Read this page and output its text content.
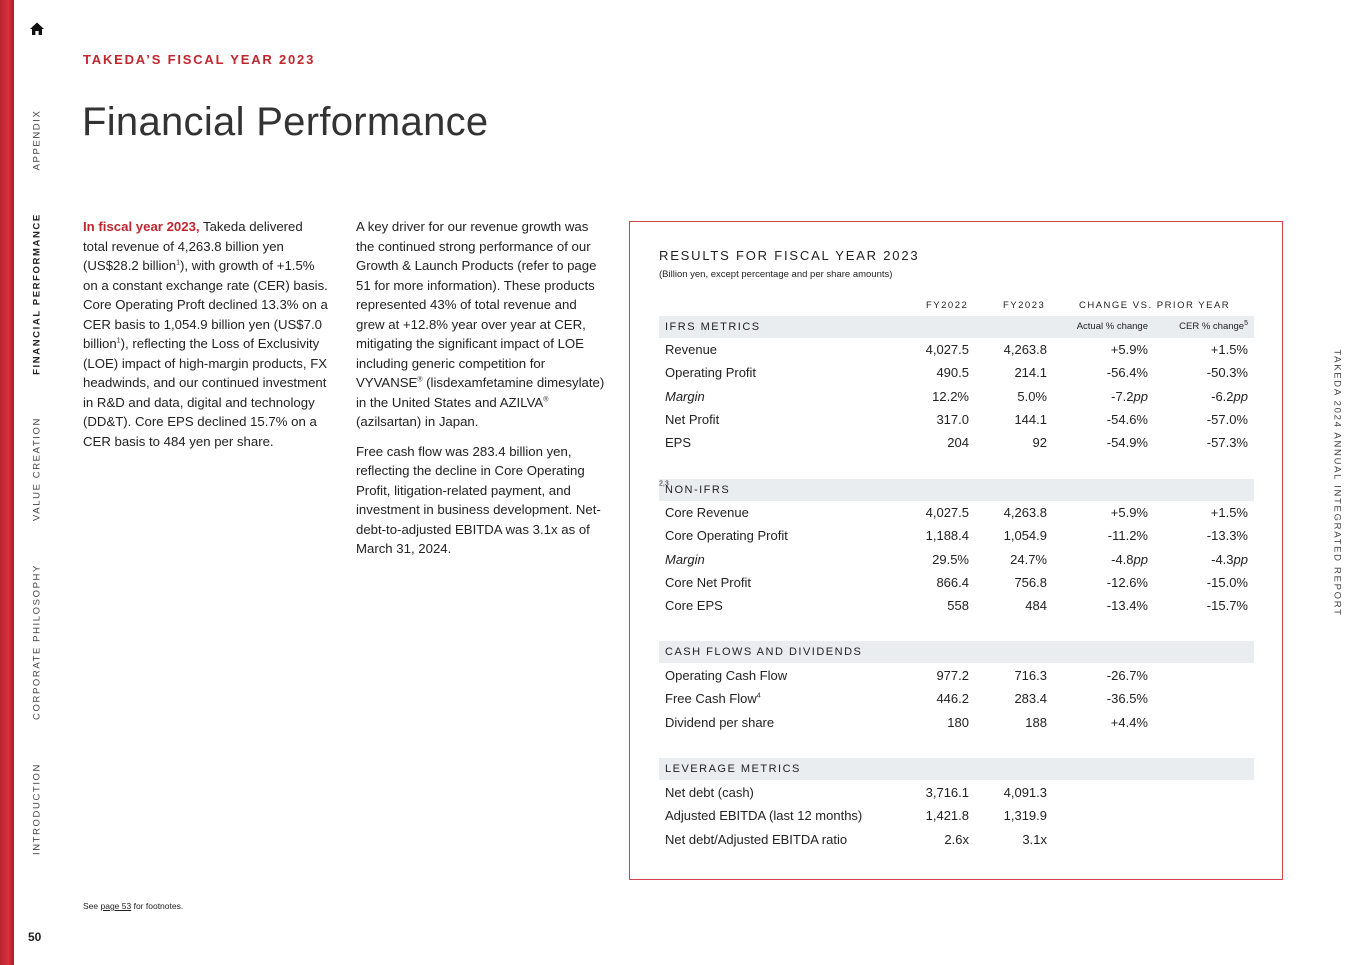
APPENDIX
FINANCIAL PERFORMANCE
VALUE CREATION
CORPORATE PHILOSOPHY
INTRODUCTION
50
TAKEDA 2024 ANNUAL INTEGRATED REPORT
TAKEDA’S FISCAL YEAR 2023
Financial Performance
In fiscal year 2023, Takeda delivered total revenue of 4,263.8 billion yen (US$28.2 billion$^1$), with growth of +1.5% on a constant exchange rate (CER) basis. Core Operating Proft declined 13.3% on a CER basis to 1,054.9 billion yen (US$7.0 billion$^1$), reflecting the Loss of Exclusivity (LOE) impact of high-margin products, FX headwinds, and our continued investment in R&D and data, digital and technology (DD&T). Core EPS declined 15.7% on a CER basis to 484 yen per share.

A key driver for our revenue growth was the continued strong performance of our Growth & Launch Products (refer to page 51 for more information). These products represented 43% of total revenue and grew at +12.8% year over year at CER, mitigating the significant impact of LOE including generic competition for VYVANSE® (lisdexamfetamine dimesylate) in the United States and AZILVA® (azilsartan) in Japan.

Free cash flow was 283.4 billion yen, reflecting the decline in Core Operating Profit, litigation-related payment, and investment in business development. Net-debt-to-adjusted EBITDA was 3.1x as of March 31, 2024.

See page 53 for footnotes.
RESULTS FOR FISCAL YEAR 2023
(Billion yen, except percentage and per share amounts)
FY2022	FY2023	CHANGE VS. PRIOR YEAR
IFRS METRICS	Actual % change	CER % change$^5$
Revenue	4,027.5	4,263.8	+5.9%	+1.5%
Operating Profit	490.5	214.1	-56.4%	-50.3%
Margin	12.2%	5.0%	-7.2pp	-6.2pp
Net Profit	317.0	144.1	-54.6%	-57.0%
EPS	204	92	-54.9%	-57.3%
NON-IFRS
$^{2,3}$
Core Revenue	4,027.5	4,263.8	+5.9%	+1.5%
Core Operating Profit	1,188.4	1,054.9	-11.2%	-13.3%
Margin	29.5%	24.7%	-4.8pp	-4.3pp
Core Net Profit	866.4	756.8	-12.6%	-15.0%
Core EPS	558	484	-13.4%	-15.7%
CASH FLOWS AND DIVIDENDS
Operating Cash Flow	977.2	716.3	-26.7%
Free Cash Flow$^4$	446.2	283.4	-36.5%
Dividend per share	180	188	+4.4%
LEVERAGE METRICS
Net debt (cash)	3,716.1	4,091.3
Adjusted EBITDA (last 12 months)	1,421.8	1,319.9
Net debt/Adjusted EBITDA ratio	2.6x	3.1x
